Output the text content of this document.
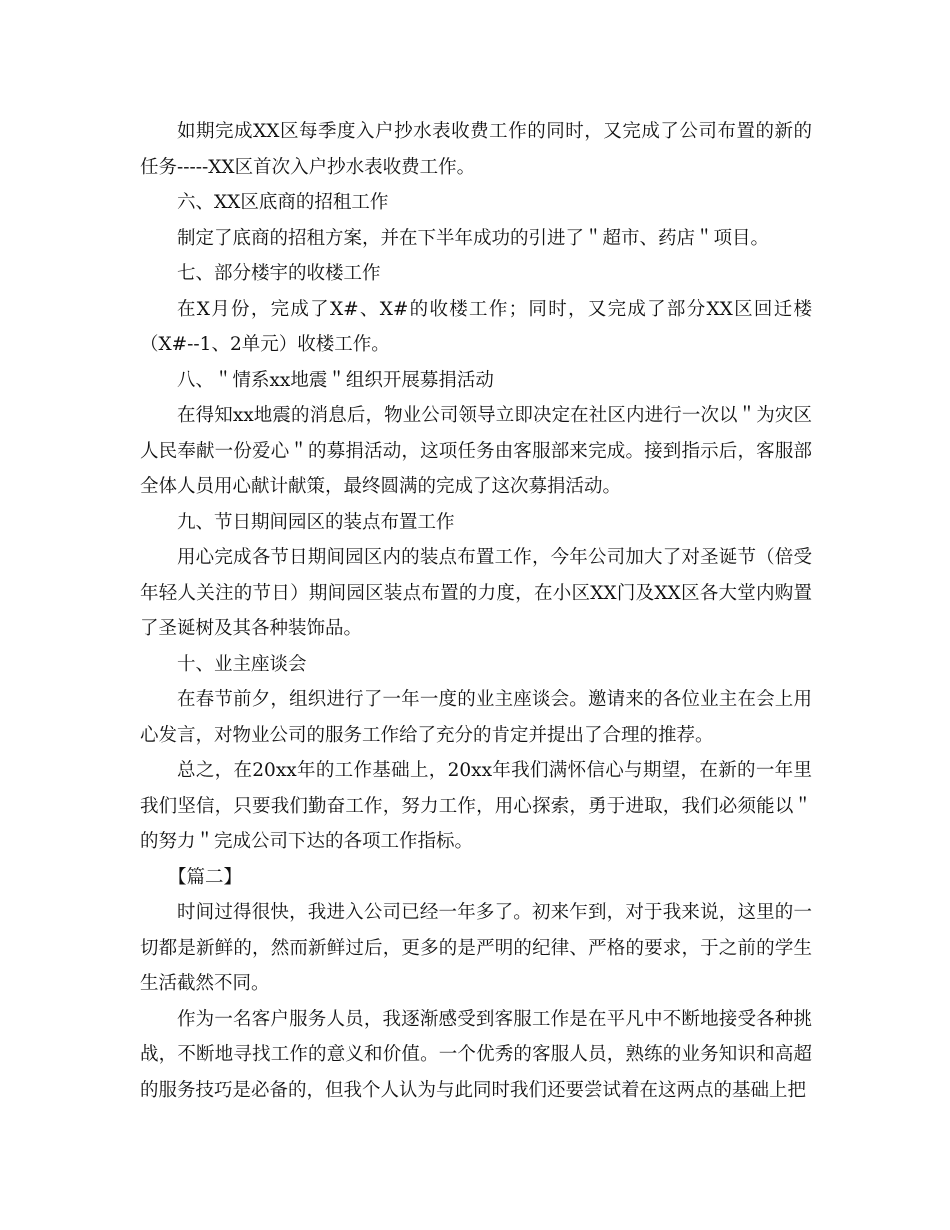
如期完成XX区每季度入户抄水表收费工作的同时，又完成了公司布置的新的任务-----XX区首次入户抄水表收费工作。

六、XX区底商的招租工作

制定了底商的招租方案，并在下半年成功的引进了＂超市、药店＂项目。

七、部分楼宇的收楼工作

在X月份，完成了X#、X#的收楼工作；同时，又完成了部分XX区回迁楼（X#--1、2单元）收楼工作。

八、＂情系xx地震＂组织开展募捐活动

在得知xx地震的消息后，物业公司领导立即决定在社区内进行一次以＂为灾区人民奉献一份爱心＂的募捐活动，这项任务由客服部来完成。接到指示后，客服部全体人员用心献计献策，最终圆满的完成了这次募捐活动。

九、节日期间园区的装点布置工作

用心完成各节日期间园区内的装点布置工作，今年公司加大了对圣诞节（倍受年轻人关注的节日）期间园区装点布置的力度，在小区XX门及XX区各大堂内购置了圣诞树及其各种装饰品。

十、业主座谈会

在春节前夕，组织进行了一年一度的业主座谈会。邀请来的各位业主在会上用心发言，对物业公司的服务工作给了充分的肯定并提出了合理的推荐。

总之，在20xx年的工作基础上，20xx年我们满怀信心与期望，在新的一年里我们坚信，只要我们勤奋工作，努力工作，用心探索，勇于进取，我们必须能以＂的努力＂完成公司下达的各项工作指标。

【篇二】

时间过得很快，我进入公司已经一年多了。初来乍到，对于我来说，这里的一切都是新鲜的，然而新鲜过后，更多的是严明的纪律、严格的要求，于之前的学生生活截然不同。

作为一名客户服务人员，我逐渐感受到客服工作是在平凡中不断地接受各种挑战，不断地寻找工作的意义和价值。一个优秀的客服人员，熟练的业务知识和高超的服务技巧是必备的，但我个人认为与此同时我们还要尝试着在这两点的基础上把
